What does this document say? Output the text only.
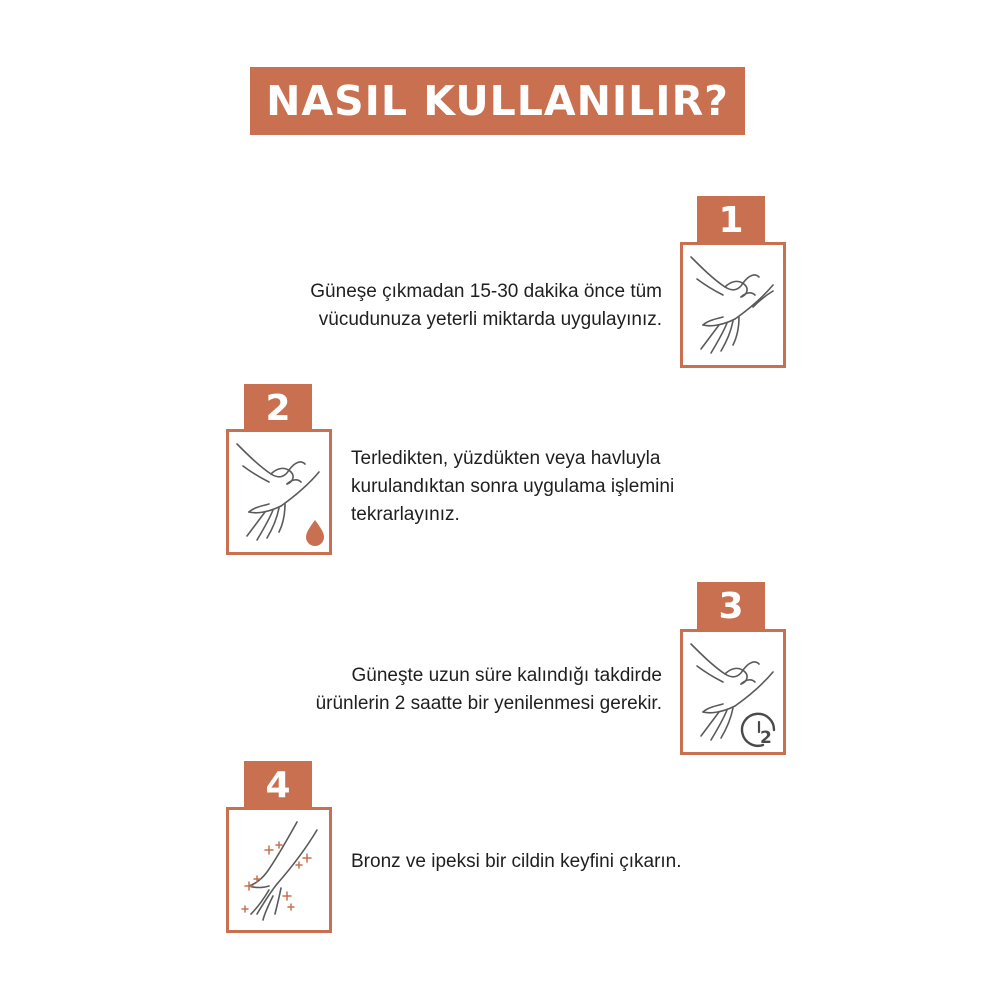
NASIL KULLANILIR?
1
Güneşe çıkmadan 15-30 dakika önce tüm
vücudunuza yeterli miktarda uygulayınız.
2
Terledikten, yüzdükten veya havluyla
kurulandıktan sonra uygulama işlemini
tekrarlayınız.
3
2
Güneşte uzun süre kalındığı takdirde
ürünlerin 2 saatte bir yenilenmesi gerekir.
4
Bronz ve ipeksi bir cildin keyfini çıkarın.
